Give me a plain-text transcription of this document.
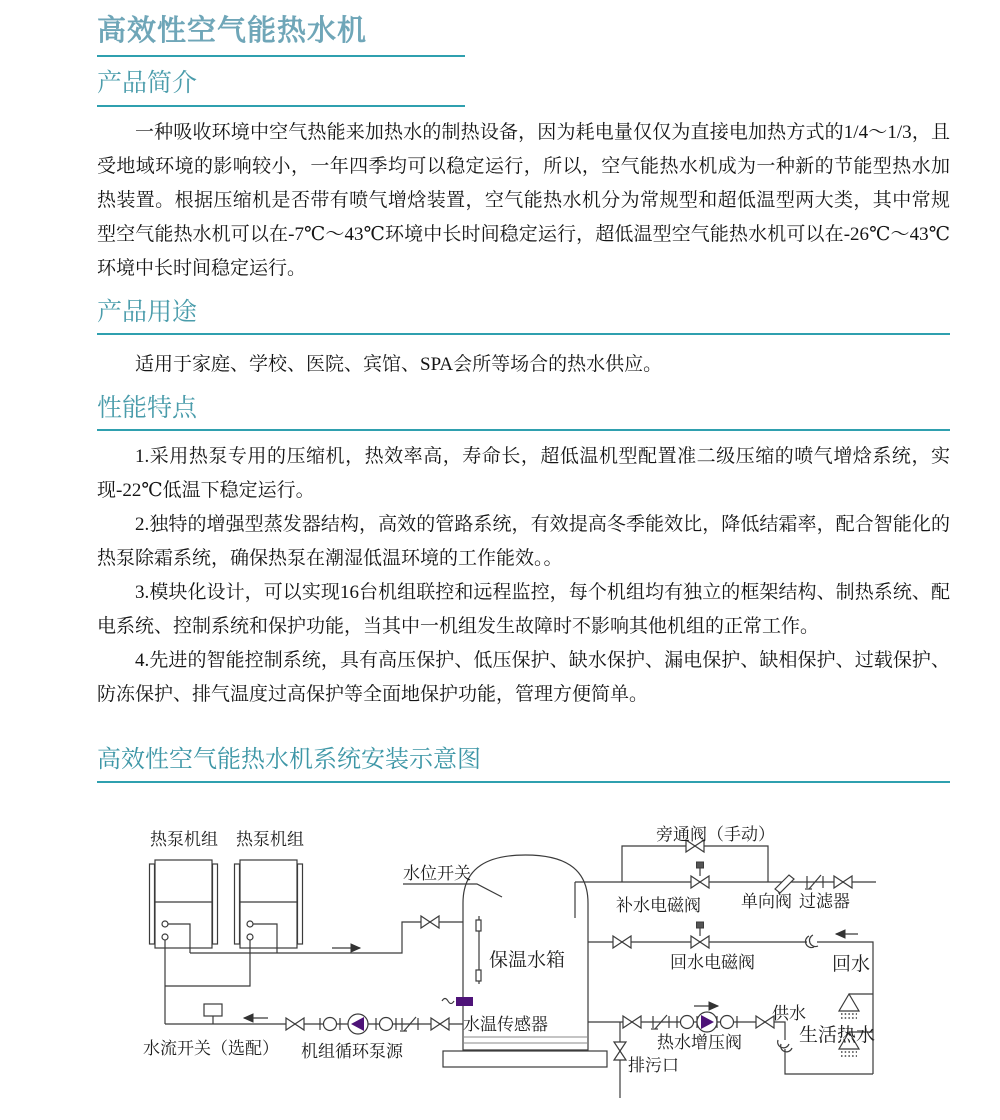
高效性空气能热水机
产品简介

一种吸收环境中空气热能来加热水的制热设备，因为耗电量仅仅为直接电加热方式的1/4～1/3，且受地域环境的影响较小，一年四季均可以稳定运行，所以，空气能热水机成为一种新的节能型热水加热装置。根据压缩机是否带有喷气增焓装置，空气能热水机分为常规型和超低温型两大类，其中常规型空气能热水机可以在-7℃～43℃环境中长时间稳定运行，超低温型空气能热水机可以在-26℃～43℃环境中长时间稳定运行。

产品用途

适用于家庭、学校、医院、宾馆、SPA会所等场合的热水供应。

性能特点

1.采用热泵专用的压缩机，热效率高，寿命长，超低温机型配置准二级压缩的喷气增焓系统，实现-22℃低温下稳定运行。

2.独特的增强型蒸发器结构，高效的管路系统，有效提高冬季能效比，降低结霜率，配合智能化的热泵除霜系统，确保热泵在潮湿低温环境的工作能效。。

3.模块化设计，可以实现16台机组联控和远程监控，每个机组均有独立的框架结构、制热系统、配电系统、控制系统和保护功能，当其中一机组发生故障时不影响其他机组的正常工作。

4.先进的智能控制系统，具有高压保护、低压保护、缺水保护、漏电保护、缺相保护、过载保护、防冻保护、排气温度过高保护等全面地保护功能，管理方便简单。

高效性空气能热水机系统安装示意图
热泵机组 热泵机组
水流开关（选配） 机组循环泵源
保温水箱
水位开关
水温传感器
旁通阀（手动）
补水电磁阀 单向阀 过滤器
回水电磁阀	回水
供水
热水增压阀	生活热水
排污口
